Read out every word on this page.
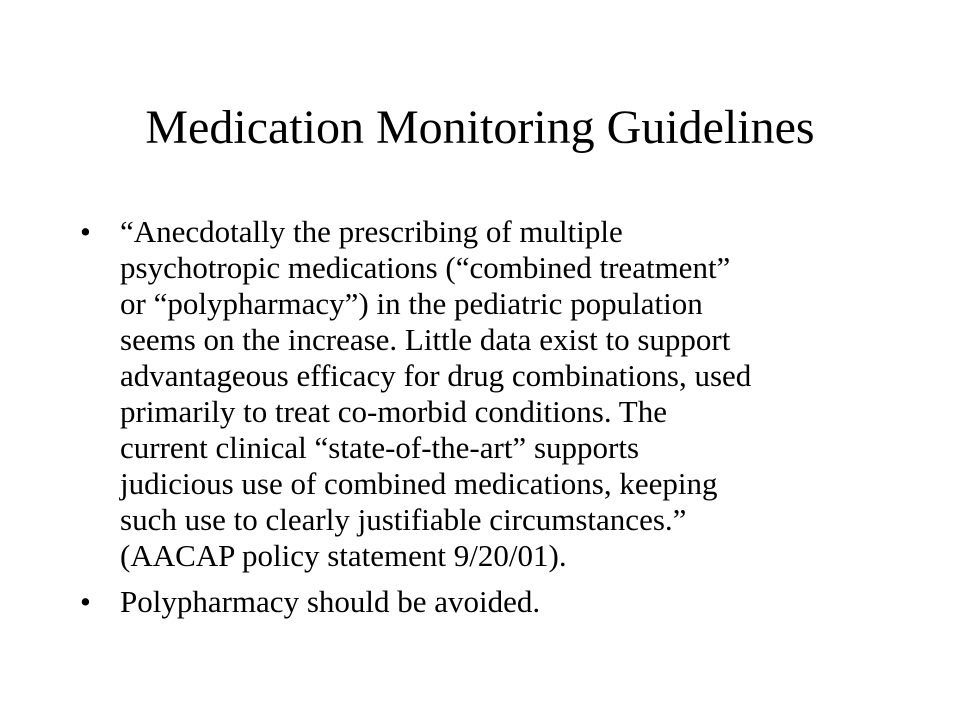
Medication Monitoring Guidelines
• “Anecdotally the prescribing of multiple
psychotropic medications (“combined treatment”
or “polypharmacy”) in the pediatric population
seems on the increase. Little data exist to support
advantageous efficacy for drug combinations, used
primarily to treat co-morbid conditions. The
current clinical “state-of-the-art” supports
judicious use of combined medications, keeping
such use to clearly justifiable circumstances.”
(AACAP policy statement 9/20/01).
• Polypharmacy should be avoided.
